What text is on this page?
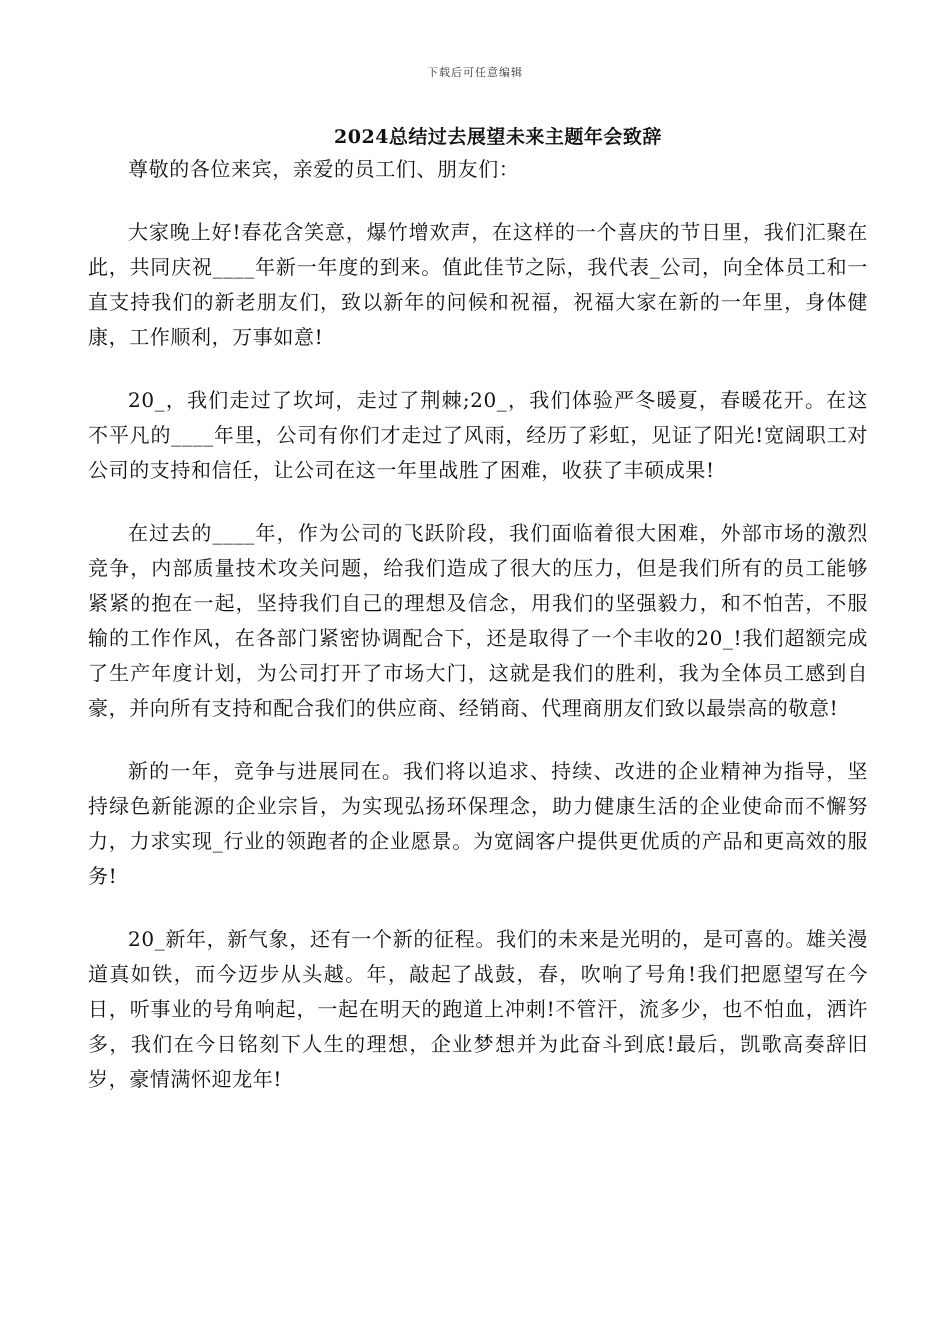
下载后可任意编辑
2024总结过去展望未来主题年会致辞

尊敬的各位来宾，亲爱的员工们、朋友们：

大家晚上好!春花含笑意，爆竹增欢声，在这样的一个喜庆的节日里，我们汇聚在此，共同庆祝____年新一年度的到来。值此佳节之际，我代表_公司，向全体员工和一直支持我们的新老朋友们，致以新年的问候和祝福，祝福大家在新的一年里，身体健康，工作顺利，万事如意!

20_，我们走过了坎坷，走过了荆棘;20_，我们体验严冬暖夏，春暖花开。在这不平凡的____年里，公司有你们才走过了风雨，经历了彩虹，见证了阳光!宽阔职工对公司的支持和信任，让公司在这一年里战胜了困难，收获了丰硕成果!

在过去的____年，作为公司的飞跃阶段，我们面临着很大困难，外部市场的激烈竞争，内部质量技术攻关问题，给我们造成了很大的压力，但是我们所有的员工能够紧紧的抱在一起，坚持我们自己的理想及信念，用我们的坚强毅力，和不怕苦，不服输的工作作风，在各部门紧密协调配合下，还是取得了一个丰收的20_!我们超额完成了生产年度计划，为公司打开了市场大门，这就是我们的胜利，我为全体员工感到自豪，并向所有支持和配合我们的供应商、经销商、代理商朋友们致以最崇高的敬意!

新的一年，竞争与进展同在。我们将以追求、持续、改进的企业精神为指导，坚持绿色新能源的企业宗旨，为实现弘扬环保理念，助力健康生活的企业使命而不懈努力，力求实现_行业的领跑者的企业愿景。为宽阔客户提供更优质的产品和更高效的服务!

20_新年，新气象，还有一个新的征程。我们的未来是光明的，是可喜的。雄关漫道真如铁，而今迈步从头越。年，敲起了战鼓，春，吹响了号角!我们把愿望写在今日，听事业的号角响起，一起在明天的跑道上冲刺!不管汗，流多少，也不怕血，洒许多，我们在今日铭刻下人生的理想，企业梦想并为此奋斗到底!最后，凯歌高奏辞旧岁，豪情满怀迎龙年!
